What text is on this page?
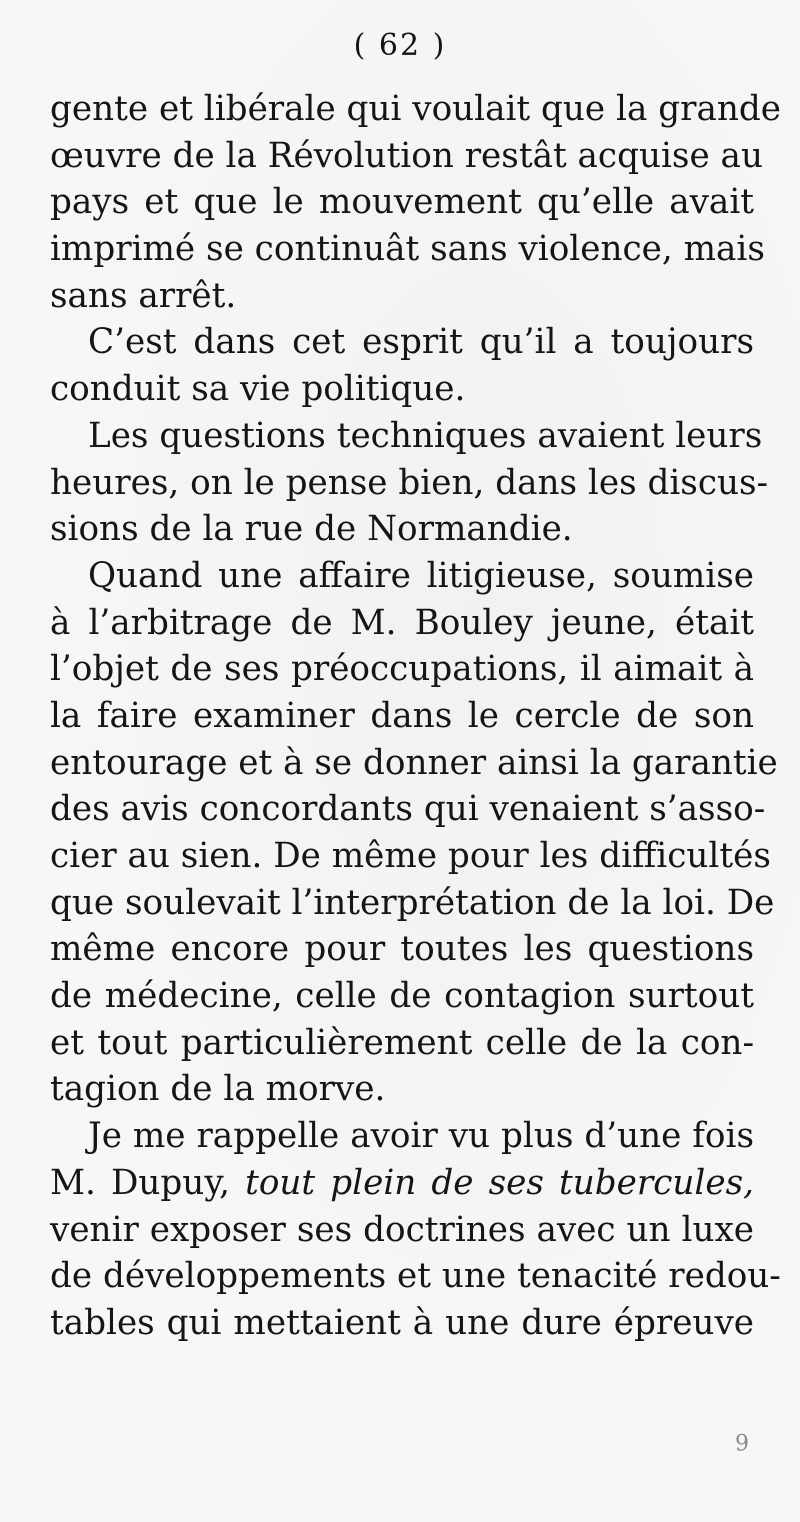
( 62 )
gente et libérale qui voulait que la grande
œuvre de la Révolution restât acquise au
pays et que le mouvement qu’elle avait
imprimé se continuât sans violence, mais
sans arrêt.
C’est dans cet esprit qu’il a toujours
conduit sa vie politique.
Les questions techniques avaient leurs
heures, on le pense bien, dans les discus-
sions de la rue de Normandie.
Quand une affaire litigieuse, soumise
à l’arbitrage de M. Bouley jeune, était
l’objet de ses préoccupations, il aimait à
la faire examiner dans le cercle de son
entourage et à se donner ainsi la garantie
des avis concordants qui venaient s’asso-
cier au sien. De même pour les difficultés
que soulevait l’interprétation de la loi. De
même encore pour toutes les questions
de médecine, celle de contagion surtout
et tout particulièrement celle de la con-
tagion de la morve.
Je me rappelle avoir vu plus d’une fois
M. Dupuy, tout plein de ses tubercules,
venir exposer ses doctrines avec un luxe
de développements et une tenacité redou-
tables qui mettaient à une dure épreuve
6
